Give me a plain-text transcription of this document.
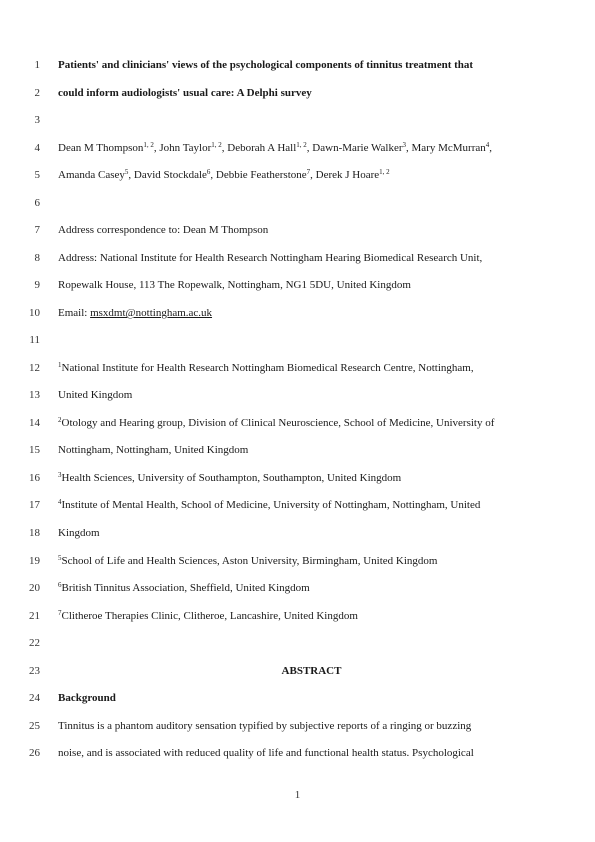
1 Patients' and clinicians' views of the psychological components of tinnitus treatment that
2 could inform audiologists' usual care: A Delphi survey
3
4 Dean M Thompson$^{1, 2}$, John Taylor$^{1, 2}$, Deborah A Hall$^{1, 2}$, Dawn-Marie Walker$^3$, Mary McMurran$^4$,
5 Amanda Casey$^5$, David Stockdale$^6$, Debbie Featherstone$^7$, Derek J Hoare$^{1, 2}$
6
7 Address correspondence to: Dean M Thompson
8 Address: National Institute for Health Research Nottingham Hearing Biomedical Research Unit,
9 Ropewalk House, 113 The Ropewalk, Nottingham, NG1 5DU, United Kingdom
10 Email: msxdmt@nottingham.ac.uk
11
12	$^1$National Institute for Health Research Nottingham Biomedical Research Centre, Nottingham,
13 United Kingdom
14	$^2$Otology and Hearing group, Division of Clinical Neuroscience, School of Medicine, University of
15 Nottingham, Nottingham, United Kingdom
16	$^3$Health Sciences, University of Southampton, Southampton, United Kingdom
17	$^4$Institute of Mental Health, School of Medicine, University of Nottingham, Nottingham, United
18 Kingdom
19	$^5$School of Life and Health Sciences, Aston University, Birmingham, United Kingdom
20	$^6$British Tinnitus Association, Sheffield, United Kingdom
21	$^7$Clitheroe Therapies Clinic, Clitheroe, Lancashire, United Kingdom
22
23	ABSTRACT
24 Background
25 Tinnitus is a phantom auditory sensation typified by subjective reports of a ringing or buzzing
26 noise, and is associated with reduced quality of life and functional health status. Psychological
1
